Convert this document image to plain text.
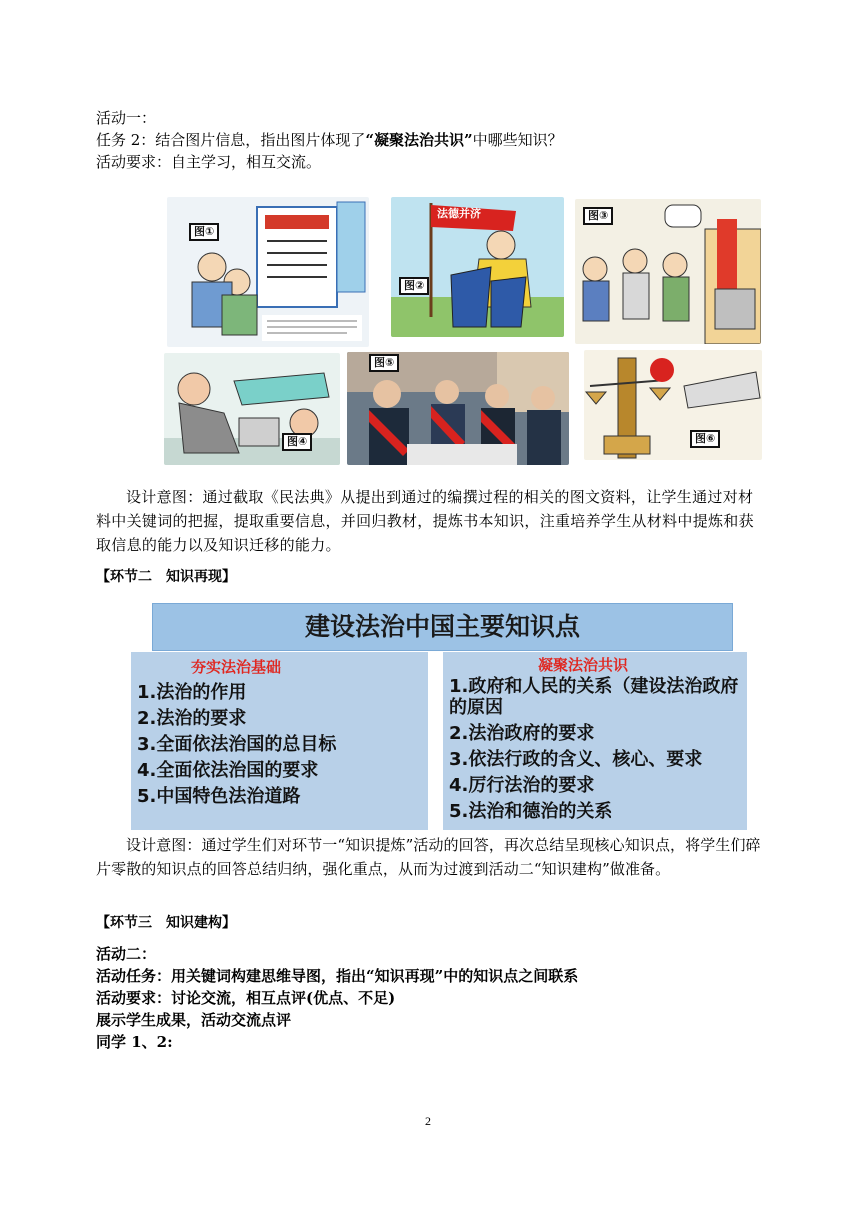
活动一：
任务 2：结合图片信息，指出图片体现了“凝聚法治共识”中哪些知识？
活动要求：自主学习，相互交流。
图①
法德并济
图②
图③
图④
图⑤
图⑥
设计意图：通过截取《民法典》从提出到通过的编撰过程的相关的图文资料，让学生通过对材料中关键词的把握，提取重要信息，并回归教材，提炼书本知识，注重培养学生从材料中提炼和获取信息的能力以及知识迁移的能力。
【环节二　知识再现】
建设法治中国主要知识点
夯实法治基础
1.法治的作用
2.法治的要求
3.全面依法治国的总目标
4.全面依法治国的要求
5.中国特色法治道路
凝聚法治共识
1.政府和人民的关系（建设法治政府的原因
2.法治政府的要求
3.依法行政的含义、核心、要求
4.厉行法治的要求
5.法治和德治的关系
设计意图：通过学生们对环节一“知识提炼”活动的回答，再次总结呈现核心知识点，将学生们碎片零散的知识点的回答总结归纳，强化重点，从而为过渡到活动二“知识建构”做准备。
【环节三　知识建构】
活动二：
活动任务：用关键词构建思维导图，指出“知识再现”中的知识点之间联系
活动要求：讨论交流，相互点评(优点、不足)
展示学生成果，活动交流点评
同学 1、2:
2
